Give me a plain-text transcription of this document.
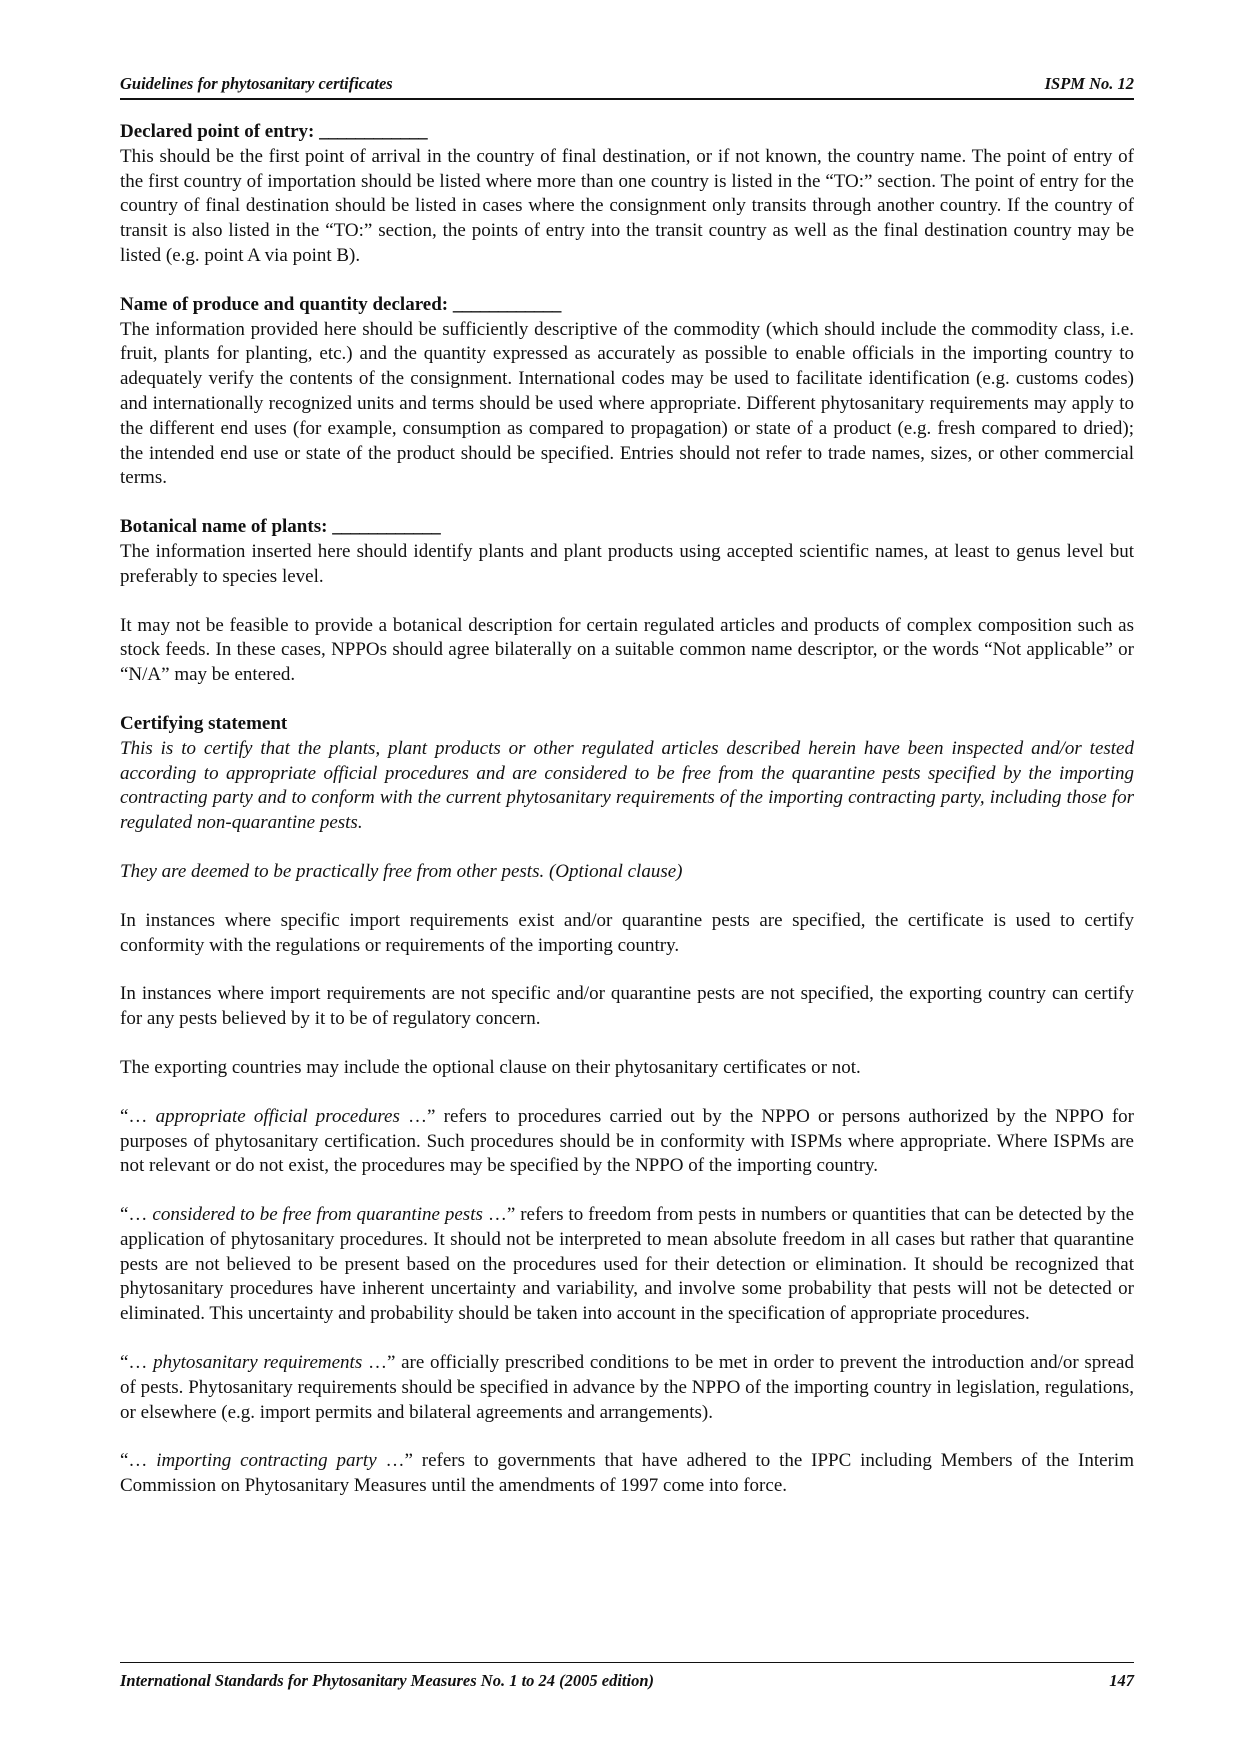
Guidelines for phytosanitary certificates	ISPM No. 12

Declared point of entry: ____________

This should be the first point of arrival in the country of final destination, or if not known, the country name. The point of entry of the first country of importation should be listed where more than one country is listed in the “TO:” section. The point of entry for the country of final destination should be listed in cases where the consignment only transits through another country. If the country of transit is also listed in the “TO:” section, the points of entry into the transit country as well as the final destination country may be listed (e.g. point A via point B).

Name of produce and quantity declared: ____________

The information provided here should be sufficiently descriptive of the commodity (which should include the commodity class, i.e. fruit, plants for planting, etc.) and the quantity expressed as accurately as possible to enable officials in the importing country to adequately verify the contents of the consignment. International codes may be used to facilitate identification (e.g. customs codes) and internationally recognized units and terms should be used where appropriate. Different phytosanitary requirements may apply to the different end uses (for example, consumption as compared to propagation) or state of a product (e.g. fresh compared to dried); the intended end use or state of the product should be specified. Entries should not refer to trade names, sizes, or other commercial terms.

Botanical name of plants: ____________

The information inserted here should identify plants and plant products using accepted scientific names, at least to genus level but preferably to species level.

It may not be feasible to provide a botanical description for certain regulated articles and products of complex composition such as stock feeds. In these cases, NPPOs should agree bilaterally on a suitable common name descriptor, or the words “Not applicable” or “N/A” may be entered.

Certifying statement

This is to certify that the plants, plant products or other regulated articles described herein have been inspected and/or tested according to appropriate official procedures and are considered to be free from the quarantine pests specified by the importing contracting party and to conform with the current phytosanitary requirements of the importing contracting party, including those for regulated non-quarantine pests.

They are deemed to be practically free from other pests. (Optional clause)

In instances where specific import requirements exist and/or quarantine pests are specified, the certificate is used to certify conformity with the regulations or requirements of the importing country.

In instances where import requirements are not specific and/or quarantine pests are not specified, the exporting country can certify for any pests believed by it to be of regulatory concern.

The exporting countries may include the optional clause on their phytosanitary certificates or not.

“… appropriate official procedures …” refers to procedures carried out by the NPPO or persons authorized by the NPPO for purposes of phytosanitary certification. Such procedures should be in conformity with ISPMs where appropriate. Where ISPMs are not relevant or do not exist, the procedures may be specified by the NPPO of the importing country.

“… considered to be free from quarantine pests …” refers to freedom from pests in numbers or quantities that can be detected by the application of phytosanitary procedures. It should not be interpreted to mean absolute freedom in all cases but rather that quarantine pests are not believed to be present based on the procedures used for their detection or elimination. It should be recognized that phytosanitary procedures have inherent uncertainty and variability, and involve some probability that pests will not be detected or eliminated. This uncertainty and probability should be taken into account in the specification of appropriate procedures.

“… phytosanitary requirements …” are officially prescribed conditions to be met in order to prevent the introduction and/or spread of pests. Phytosanitary requirements should be specified in advance by the NPPO of the importing country in legislation, regulations, or elsewhere (e.g. import permits and bilateral agreements and arrangements).

“… importing contracting party …” refers to governments that have adhered to the IPPC including Members of the Interim Commission on Phytosanitary Measures until the amendments of 1997 come into force.

International Standards for Phytosanitary Measures No. 1 to 24 (2005 edition)	147
